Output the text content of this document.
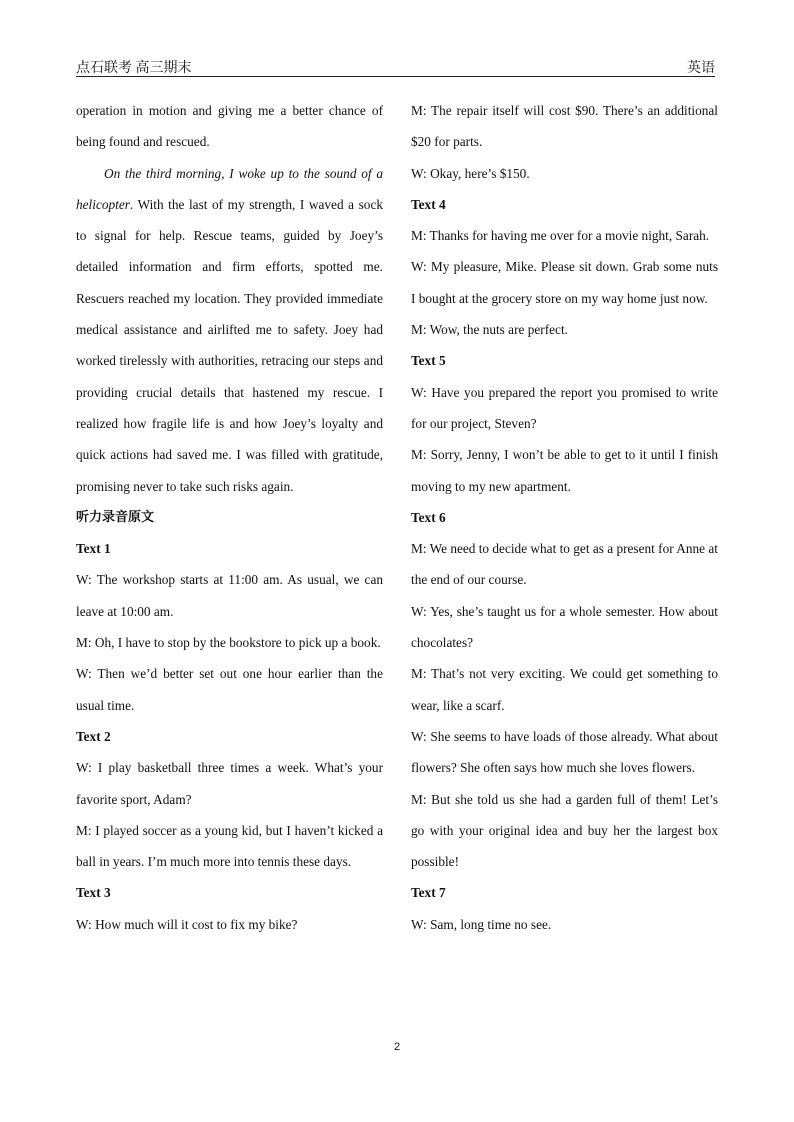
点石联考 高三期末	英语

operation in motion and giving me a better chance of being found and rescued.

On the third morning, I woke up to the sound of a helicopter. With the last of my strength, I waved a sock to signal for help. Rescue teams, guided by Joey’s detailed information and firm efforts, spotted me. Rescuers reached my location. They provided immediate medical assistance and airlifted me to safety. Joey had worked tirelessly with authorities, retracing our steps and providing crucial details that hastened my rescue. I realized how fragile life is and how Joey’s loyalty and quick actions had saved me. I was filled with gratitude, promising never to take such risks again.

听力录音原文

Text 1

W: The workshop starts at 11:00 am. As usual, we can leave at 10:00 am.

M: Oh, I have to stop by the bookstore to pick up a book.

W: Then we’d better set out one hour earlier than the usual time.

Text 2

W: I play basketball three times a week. What’s your favorite sport, Adam?

M: I played soccer as a young kid, but I haven’t kicked a ball in years. I’m much more into tennis these days.

Text 3

W: How much will it cost to fix my bike?

M: The repair itself will cost $90. There’s an additional $20 for parts.

W: Okay, here’s $150.

Text 4

M: Thanks for having me over for a movie night, Sarah.

W: My pleasure, Mike. Please sit down. Grab some nuts I bought at the grocery store on my way home just now.

M: Wow, the nuts are perfect.

Text 5

W: Have you prepared the report you promised to write for our project, Steven?

M: Sorry, Jenny, I won’t be able to get to it until I finish moving to my new apartment.

Text 6

M: We need to decide what to get as a present for Anne at the end of our course.

W: Yes, she’s taught us for a whole semester. How about chocolates?

M: That’s not very exciting. We could get something to wear, like a scarf.

W: She seems to have loads of those already. What about flowers? She often says how much she loves flowers.

M: But she told us she had a garden full of them! Let’s go with your original idea and buy her the largest box possible!

Text 7

W: Sam, long time no see.

2
